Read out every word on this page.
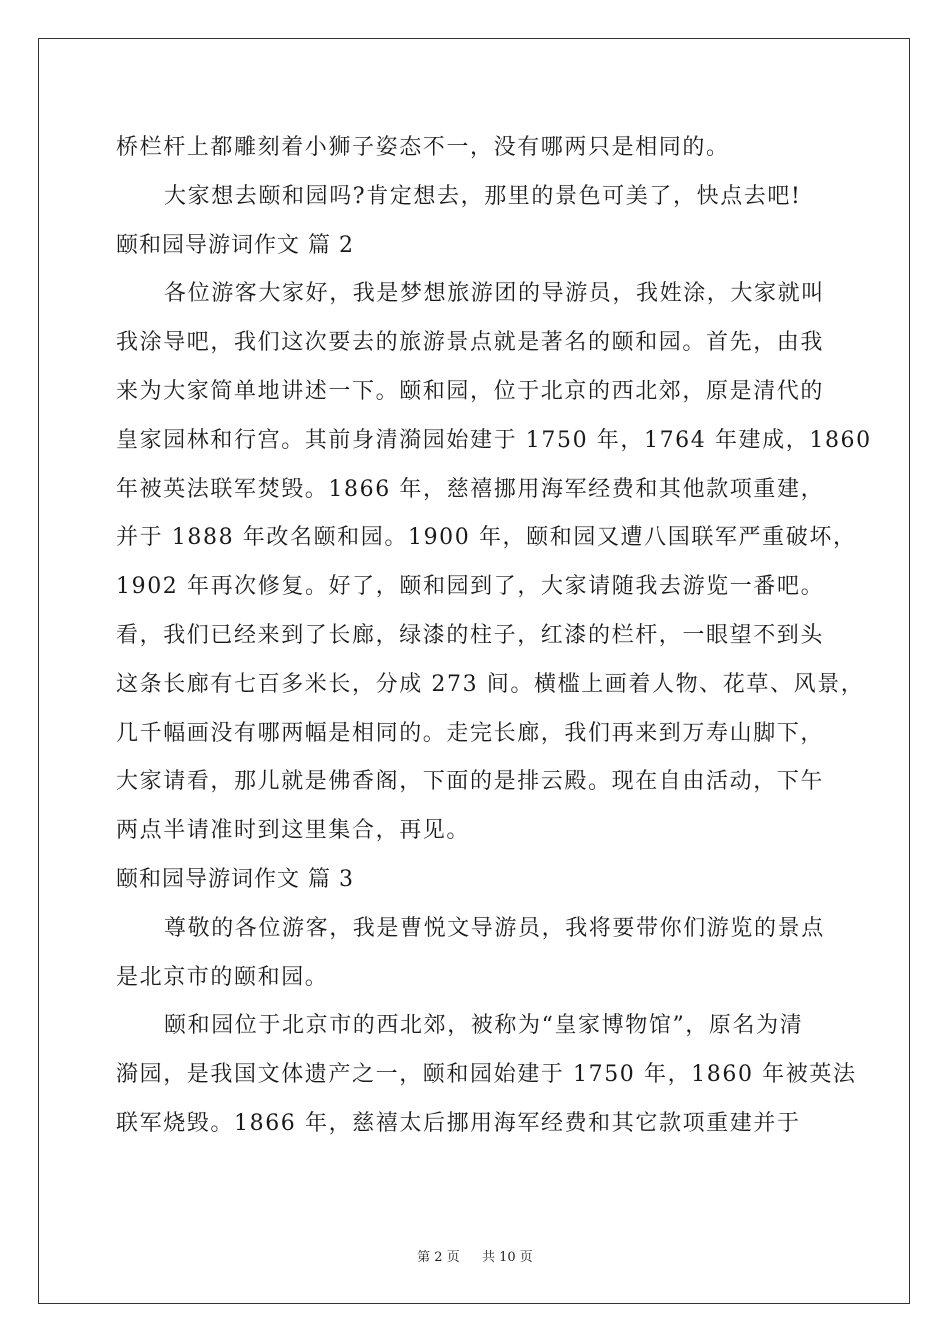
桥栏杆上都雕刻着小狮子姿态不一，没有哪两只是相同的。
大家想去颐和园吗?肯定想去，那里的景色可美了，快点去吧!
颐和园导游词作文 篇 2
各位游客大家好，我是梦想旅游团的导游员，我姓涂，大家就叫
我涂导吧，我们这次要去的旅游景点就是著名的颐和园。首先，由我
来为大家简单地讲述一下。颐和园，位于北京的西北郊，原是清代的
皇家园林和行宫。其前身清漪园始建于 1750 年，1764 年建成，1860
年被英法联军焚毁。1866 年，慈禧挪用海军经费和其他款项重建，
并于 1888 年改名颐和园。1900 年，颐和园又遭八国联军严重破坏，
1902 年再次修复。好了，颐和园到了，大家请随我去游览一番吧。
看，我们已经来到了长廊，绿漆的柱子，红漆的栏杆，一眼望不到头
这条长廊有七百多米长，分成 273 间。横槛上画着人物、花草、风景，
几千幅画没有哪两幅是相同的。走完长廊，我们再来到万寿山脚下，
大家请看，那儿就是佛香阁，下面的是排云殿。现在自由活动，下午
两点半请准时到这里集合，再见。
颐和园导游词作文 篇 3
尊敬的各位游客，我是曹悦文导游员，我将要带你们游览的景点
是北京市的颐和园。
颐和园位于北京市的西北郊，被称为“皇家博物馆”，原名为清
漪园，是我国文体遗产之一，颐和园始建于 1750 年，1860 年被英法
联军烧毁。1866 年，慈禧太后挪用海军经费和其它款项重建并于
第 2 页 共 10 页
